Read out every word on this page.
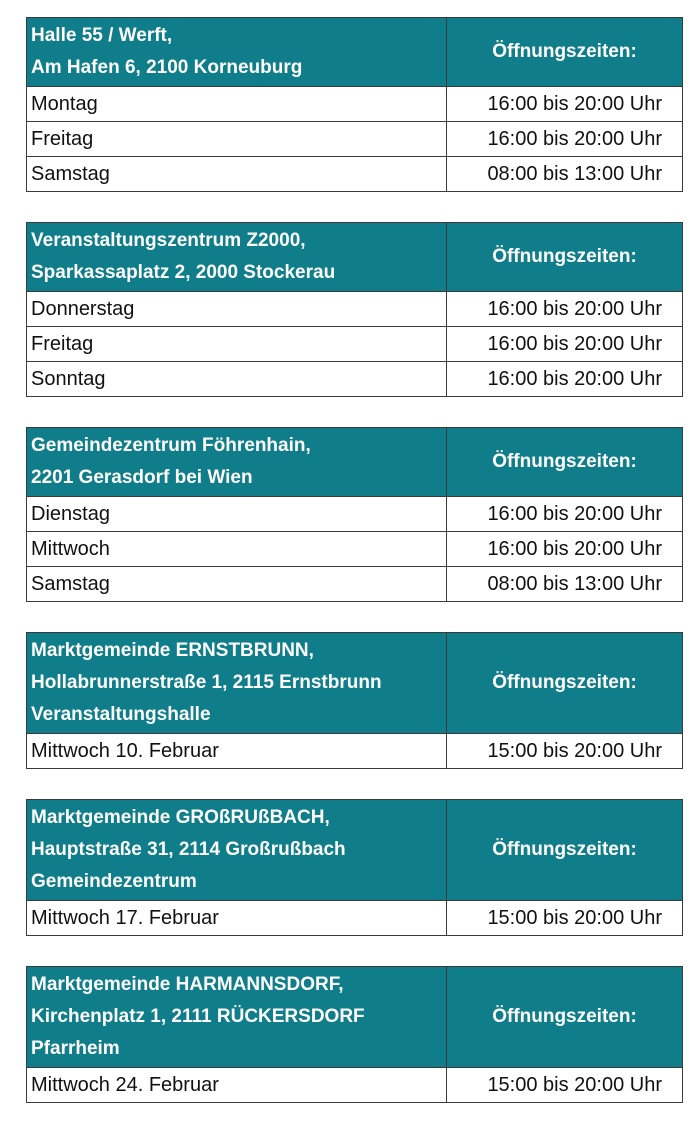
Halle 55 / Werft,
Am Hafen 6, 2100 Korneuburg	Öffnungszeiten:
Montag	16:00 bis 20:00 Uhr
Freitag	16:00 bis 20:00 Uhr
Samstag	08:00 bis 13:00 Uhr
Veranstaltungszentrum Z2000,
Sparkassaplatz 2, 2000 Stockerau	Öffnungszeiten:
Donnerstag	16:00 bis 20:00 Uhr
Freitag	16:00 bis 20:00 Uhr
Sonntag	16:00 bis 20:00 Uhr
Gemeindezentrum Föhrenhain,
2201 Gerasdorf bei Wien	Öffnungszeiten:
Dienstag	16:00 bis 20:00 Uhr
Mittwoch	16:00 bis 20:00 Uhr
Samstag	08:00 bis 13:00 Uhr
Marktgemeinde ERNSTBRUNN,
Hollabrunnerstraße 1, 2115 Ernstbrunn
Veranstaltungshalle	Öffnungszeiten:
Mittwoch 10. Februar	15:00 bis 20:00 Uhr
Marktgemeinde GROßRUßBACH,
Hauptstraße 31, 2114 Großrußbach
Gemeindezentrum	Öffnungszeiten:
Mittwoch 17. Februar	15:00 bis 20:00 Uhr
Marktgemeinde HARMANNSDORF,
Kirchenplatz 1, 2111 RÜCKERSDORF
Pfarrheim	Öffnungszeiten:
Mittwoch 24. Februar	15:00 bis 20:00 Uhr
